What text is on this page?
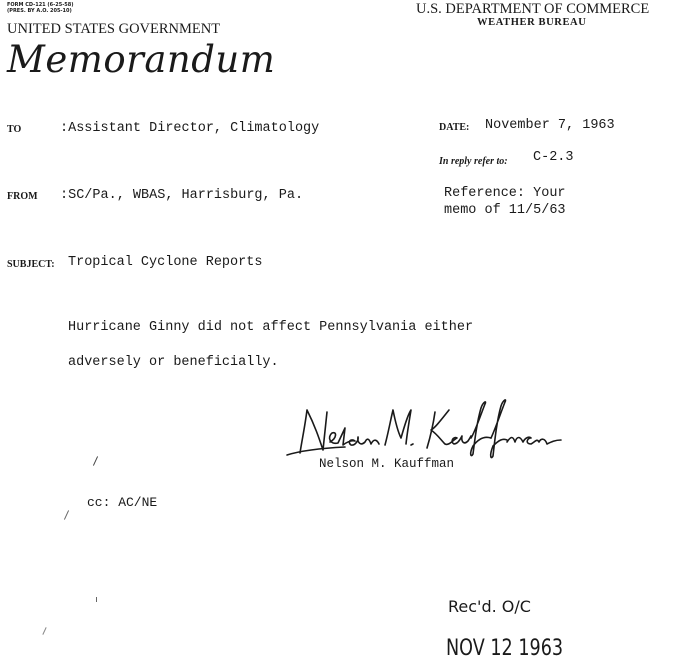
FORM CD-121 (6-25-58)
(PRES. BY A.O. 205-10)
UNITED STATES GOVERNMENT
Memorandum
U.S. DEPARTMENT OF COMMERCE
WEATHER BUREAU
TO	:Assistant Director, Climatology	DATE: November 7, 1963
In reply refer to: C-2.3
FROM :SC/Pa., WBAS, Harrisburg, Pa.	Reference: Your
memo of 11/5/63
SUBJECT: Tropical Cyclone Reports
Hurricane Ginny did not affect Pennsylvania either
adversely or beneficially.
Nelson M. Kauffman
cc: AC/NE
Rec'd. O/C
NOV 12 1963
